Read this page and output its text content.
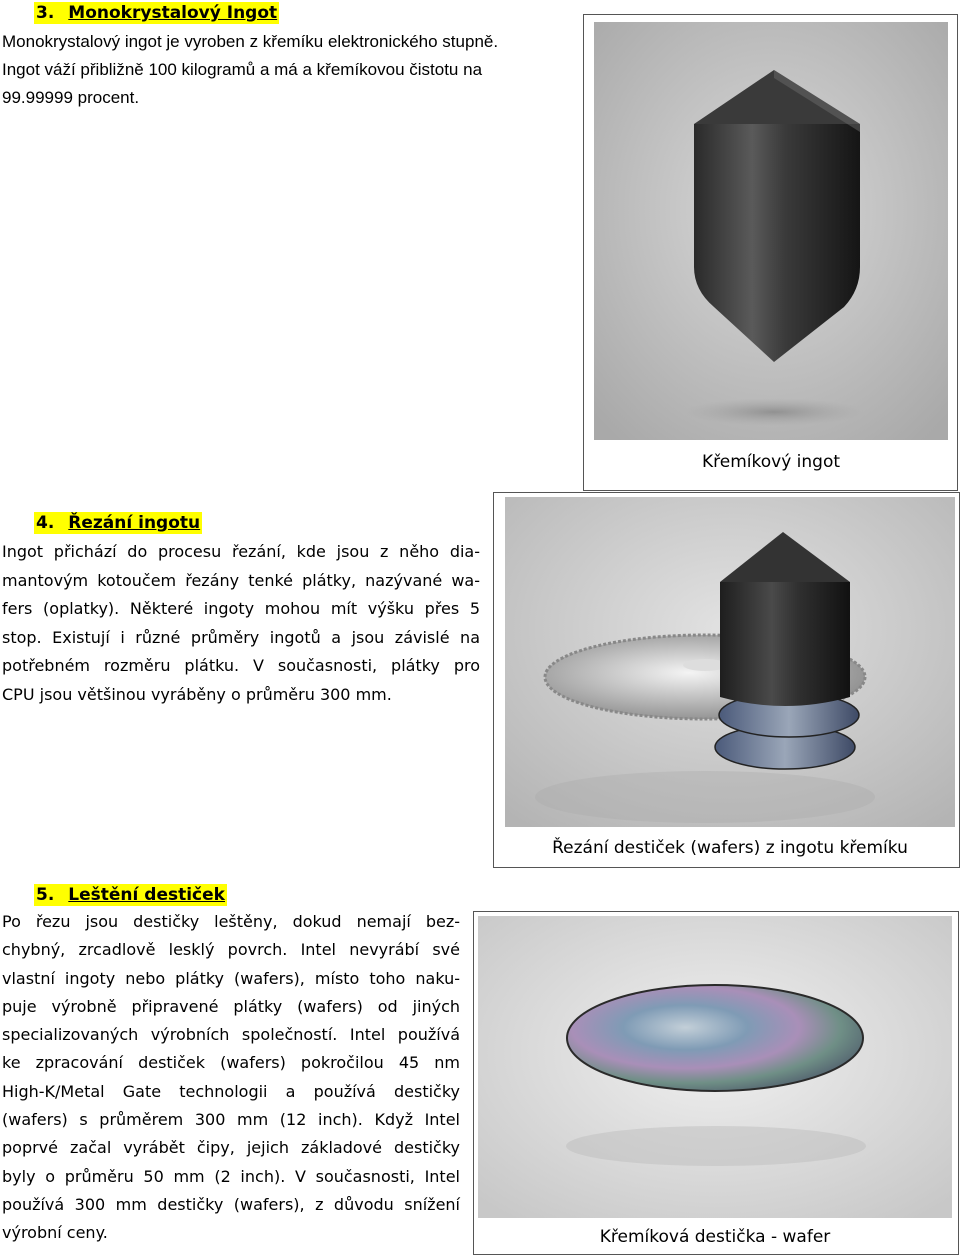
3. Monokrystalový Ingot
Monokrystalový ingot je vyroben z křemíku elektronického stupně.
Ingot váží přibližně 100 kilogramů a má a křemíkovou čistotu na
99.99999 procent.
Křemíkový ingot
4. Řezání ingotu
Ingot přichází do procesu řezání, kde jsou z něho dia-
mantovým kotoučem řezány tenké plátky, nazývané wa-
fers (oplatky). Některé ingoty mohou mít výšku přes 5
stop. Existují i různé průměry ingotů a jsou závislé na
potřebném rozměru plátku. V současnosti, plátky pro
CPU jsou většinou vyráběny o průměru 300 mm.
Řezání destiček (wafers) z ingotu křemíku
5. Leštění destiček
Po řezu jsou destičky leštěny, dokud nemají bez-
chybný, zrcadlově lesklý povrch. Intel nevyrábí své
vlastní ingoty nebo plátky (wafers), místo toho naku-
puje výrobně připravené plátky (wafers) od jiných
specializovaných výrobních společností. Intel používá
ke zpracování destiček (wafers) pokročilou 45 nm
High-K/Metal Gate technologii a používá destičky
(wafers) s průměrem 300 mm (12 inch). Když Intel
poprvé začal vyrábět čipy, jejich základové destičky
byly o průměru 50 mm (2 inch). V současnosti, Intel
používá 300 mm destičky (wafers), z důvodu snížení
výrobní ceny.	Křemíková destička - wafer
